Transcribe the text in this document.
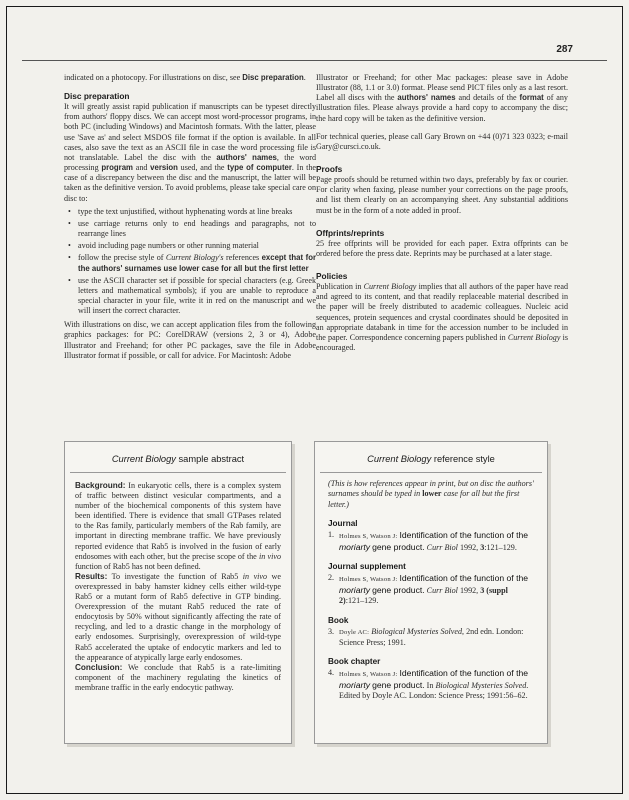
287

indicated on a photocopy. For illustrations on disc, see Disc preparation.

Disc preparation

It will greatly assist rapid publication if manuscripts can be typeset directly from authors' floppy discs. We can accept most word-processor programs, in both PC (including Windows) and Macintosh formats. With the latter, please use 'Save as' and select MSDOS file format if the option is available. In all cases, also save the text as an ASCII file in case the word processing file is not translatable. Label the disc with the authors' names, the word processing program and version used, and the type of computer. In the case of a discrepancy between the disc and the manuscript, the latter will be taken as the definitive version. To avoid problems, please take special care on disc to:

• type the text unjustified, without hyphenating words at line breaks
• use carriage returns only to end headings and paragraphs, not to rearrange lines
• avoid including page numbers or other running material
• follow the precise style of Current Biology's references except that for the authors' surnames use lower case for all but the first letter
• use the ASCII character set if possible for special characters (e.g. Greek letters and mathematical symbols); if you are unable to reproduce a special character in your file, write it in red on the manuscript and we will insert the correct character.

With illustrations on disc, we can accept application files from the following graphics packages: for PC: CorelDRAW (versions 2, 3 or 4), Adobe Illustrator and Freehand; for other PC packages, save the file in Adobe Illustrator format if possible, or call for advice. For Macintosh: Adobe

Illustrator or Freehand; for other Mac packages: please save in Adobe Illustrator (88, 1.1 or 3.0) format. Please send PICT files only as a last resort. Label all discs with the authors' names and details of the format of any illustration files. Please always provide a hard copy to accompany the disc; the hard copy will be taken as the definitive version.

For technical queries, please call Gary Brown on +44 (0)71 323 0323; e-mail Gary@cursci.co.uk.

Proofs

Page proofs should be returned within two days, preferably by fax or courier. For clarity when faxing, please number your corrections on the page proofs, and list them clearly on an accompanying sheet. Any substantial additions must be in the form of a note added in proof.

Offprints/reprints

25 free offprints will be provided for each paper. Extra offprints can be ordered before the press date. Reprints may be purchased at a later stage.

Policies

Publication in Current Biology implies that all authors of the paper have read and agreed to its content, and that readily replaceable material described in the paper will be freely distributed to academic colleagues. Nucleic acid sequences, protein sequences and crystal coordinates should be deposited in an appropriate databank in time for the accession number to be included in the paper. Correspondence concerning papers published in Current Biology is encouraged.

Current Biology sample abstract

Background: In eukaryotic cells, there is a complex system of traffic between distinct vesicular compartments, and a number of the biochemical components of this system have been identified. There is evidence that small GTPases related to the Ras family, particularly members of the Rab family, are important in directing membrane traffic. We have previously reported evidence that Rab5 is involved in the fusion of early endosomes with each other, but the precise scope of the in vivo function of Rab5 has not been defined.

Results: To investigate the function of Rab5 in vivo we overexpressed in baby hamster kidney cells either wild-type Rab5 or a mutant form of Rab5 defective in GTP binding. Overexpression of the mutant Rab5 reduced the rate of endocytosis by 50% without significantly affecting the rate of recycling, and led to a drastic change in the morphology of early endosomes. Surprisingly, overexpression of wild-type Rab5 accelerated the uptake of endocytic markers and led to the appearance of atypically large early endosomes.

Conclusion: We conclude that Rab5 is a rate-limiting component of the machinery regulating the kinetics of membrane traffic in the early endocytic pathway.

Current Biology reference style

(This is how references appear in print, but on disc the authors' surnames should be typed in lower case for all but the first letter.)

Journal
1. Holmes S, Watson J: Identification of the function of the moriarty gene product. Curr Biol 1992, 3:121–129.
Journal supplement
2. Holmes S, Watson J: Identification of the function of the moriarty gene product. Curr Biol 1992, 3 (suppl 2):121–129.
Book
3. Doyle AC: Biological Mysteries Solved, 2nd edn. London: Science Press; 1991.
Book chapter
4. Holmes S, Watson J: Identification of the function of the moriarty gene product. In Biological Mysteries Solved. Edited by Doyle AC. London: Science Press; 1991:56–62.
